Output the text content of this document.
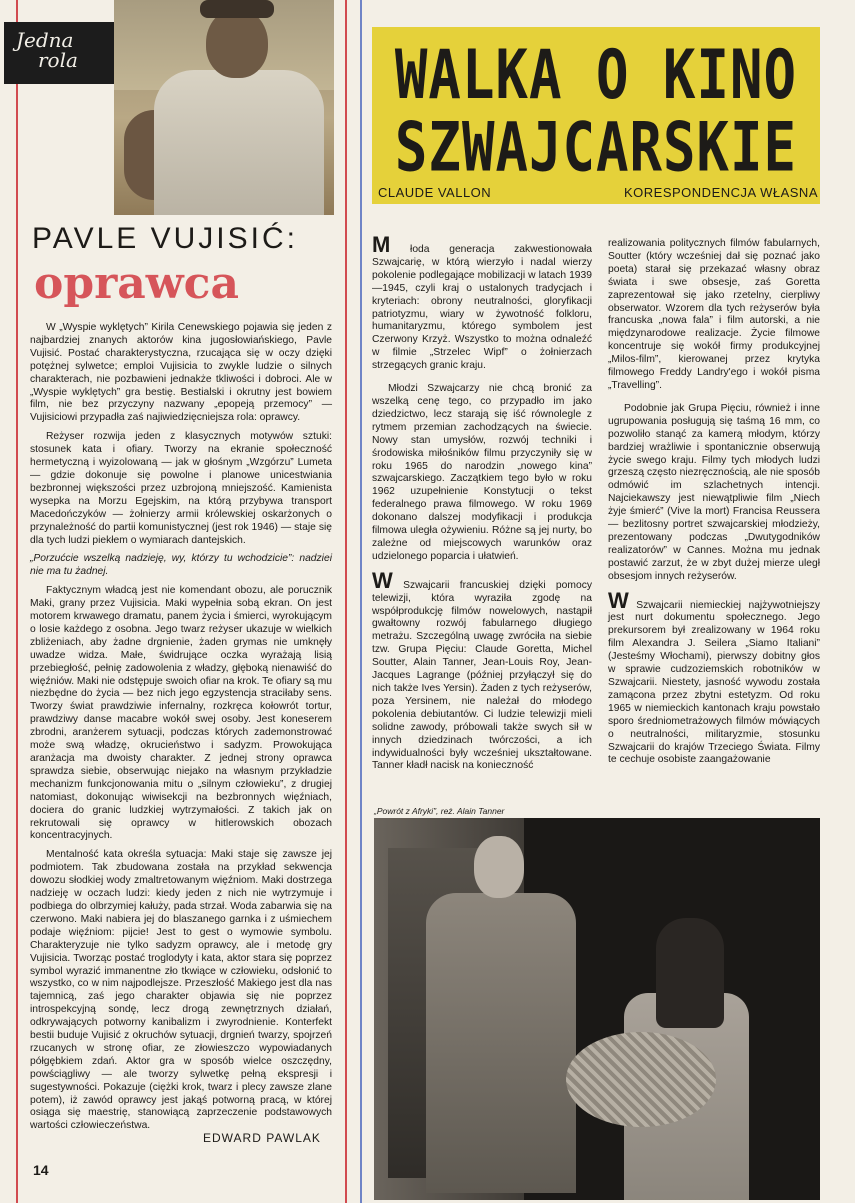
Jedna
rola
PAVLE VUJISIĆ:
oprawca

W „Wyspie wyklętych” Kirila Cenewskiego pojawia się jeden z najbardziej znanych aktorów kina jugosłowiańskiego, Pavle Vujisić. Postać charakterystyczna, rzucająca się w oczy dzięki potężnej sylwetce; emploi Vujisicia to zwykle ludzie o silnych charakterach, nie pozbawieni jednakże tkliwości i dobroci. Ale w „Wyspie wyklętych” gra bestię. Bestialski i okrutny jest bowiem film, nie bez przyczyny nazwany „epopeją przemocy” — Vujisiciowi przypadła zaś najiwiedzięcniejsza rola: oprawcy.

Reżyser rozwija jeden z klasycznych motywów sztuki: stosunek kata i ofiary. Tworzy na ekranie społeczność hermetyczną i wyizolowaną — jak w głośnym „Wzgórzu” Lumeta — gdzie dokonuje się powolne i planowe unicestwiania bezbronnej większości przez uzbrojoną mniejszość. Kamienista wysepka na Morzu Egejskim, na którą przybywa transport Macedończyków — żołnierzy armii królewskiej oskarżonych o przynależność do partii komunistycznej (jest rok 1946) — staje się dla tych ludzi piekłem o wymiarach dantejskich.

„Porzućcie wszelką nadzieję, wy, którzy tu wchodzicie”: nadziei nie ma tu żadnej.

Faktycznym władcą jest nie komendant obozu, ale porucznik Maki, grany przez Vujisicia. Maki wypełnia sobą ekran. On jest motorem krwawego dramatu, panem życia i śmierci, wyrokującym o losie każdego z osobna. Jego twarz reżyser ukazuje w wielkich zbliżeniach, aby żadne drgnienie, żaden grymas nie umknęły uwadze widza. Małe, świdrujące oczka wyrażają lisią przebiegłość, pełnię zadowolenia z władzy, głęboką nienawiść do więźniów. Maki nie odstępuje swoich ofiar na krok. Te ofiary są mu niezbędne do życia — bez nich jego egzystencja straciłaby sens. Tworzy świat prawdziwie infernalny, rozkręca kołowrót tortur, prawdziwy danse macabre wokół swej osoby. Jest koneserem zbrodni, aranżerem sytuacji, podczas których zademonstrować może swą władzę, okrucieństwo i sadyzm. Prowokująca aranżacja ma dwoisty charakter. Z jednej strony oprawca sprawdza siebie, obserwując niejako na własnym przykładzie mechanizm funkcjonowania mitu o „silnym człowieku”, z drugiej natomiast, dokonując wiwisekcji na bezbronnych więźniach, dociera do granic ludzkiej wytrzymałości. Z takich jak on rekrutowali się oprawcy w hitlerowskich obozach koncentracyjnych.

Mentalność kata określa sytuacja: Maki staje się zawsze jej podmiotem. Tak zbudowana została na przykład sekwencja dowozu słodkiej wody zmaltretowanym więźniom. Maki dostrzega nadzieję w oczach ludzi: kiedy jeden z nich nie wytrzymuje i podbiega do olbrzymiej kałuży, pada strzał. Woda zabarwia się na czerwono. Maki nabiera jej do blaszanego garnka i z uśmiechem podaje więźniom: pijcie! Jest to gest o wymowie symbolu. Charakteryzuje nie tylko sadyzm oprawcy, ale i metodę gry Vujisicia. Tworząc postać troglodyty i kata, aktor stara się poprzez symbol wyrazić immanentne zło tkwiące w człowieku, odsłonić to wszystko, co w nim najpodlejsze. Przeszłość Makiego jest dla nas tajemnicą, zaś jego charakter objawia się nie poprzez introspekcyjną sondę, lecz drogą zewnętrznych działań, odkrywających potworny kanibalizm i zwyrodnienie. Konterfekt bestii buduje Vujisić z okruchów sytuacji, drgnień twarzy, spojrzeń rzucanych w stronę ofiar, ze złowieszczo wypowiadanych półgębkiem zdań. Aktor gra w sposób wielce oszczędny, powściągliwy — ale tworzy sylwetkę pełną ekspresji i sugestywności. Pokazuje (ciężki krok, twarz i plecy zawsze zlane potem), iż zawód oprawcy jest jakąś potworną pracą, w której osiąga się maestrię, stanowiącą zaprzeczenie podstawowych wartości człowieczeństwa.

EDWARD PAWLAK
14
WALKA O KINO
SZWAJCARSKIE
CLAUDE VALLON	KORESPONDENCJA WŁASNA

M łoda generacja zakwestionowała Szwajcarię, w którą wierzyło i nadal wierzy pokolenie podlegające mobilizacji w latach 1939—1945, czyli kraj o ustalonych tradycjach i kryteriach: obrony neutralności, gloryfikacji patriotyzmu, wiary w żywotność folkloru, humanitaryzmu, którego symbolem jest Czerwony Krzyż. Wszystko to można odnaleźć w filmie „Strzelec Wipf” o żołnierzach strzegących granic kraju.

Młodzi Szwajcarzy nie chcą bronić za wszelką cenę tego, co przypadło im jako dziedzictwo, lecz starają się iść równolegle z rytmem przemian zachodzących na świecie. Nowy stan umysłów, rozwój techniki i środowiska miłośników filmu przyczyniły się w roku 1965 do narodzin „nowego kina” szwajcarskiego. Zaczątkiem tego było w roku 1962 uzupełnienie Konstytucji o tekst federalnego prawa filmowego. W roku 1969 dokonano dalszej modyfikacji i produkcja filmowa uległa ożywieniu. Różne są jej nurty, bo zależne od miejscowych warunków oraz udzielonego poparcia i ułatwień.

W Szwajcarii francuskiej dzięki pomocy telewizji, która wyraziła zgodę na współprodukcję filmów nowelowych, nastąpił gwałtowny rozwój fabularnego długiego metrażu. Szczególną uwagę zwróciła na siebie tzw. Grupa Pięciu: Claude Goretta, Michel Soutter, Alain Tanner, Jean-Louis Roy, Jean-Jacques Lagrange (później przyłączył się do nich także Ives Yersin). Żaden z tych reżyserów, poza Yersinem, nie należał do młodego pokolenia debiutantów. Ci ludzie telewizji mieli solidne zawody, próbowali także swych sił w innych dziedzinach twórczości, a ich indywidualności były wcześniej ukształtowane. Tanner kładł nacisk na konieczność

realizowania politycznych filmów fabularnych, Soutter (który wcześniej dał się poznać jako poeta) starał się przekazać własny obraz świata i swe obsesje, zaś Goretta zaprezentował się jako rzetelny, cierpliwy obserwator. Wzorem dla tych reżyserów była francuska „nowa fala” i film autorski, a nie międzynarodowe realizacje. Życie filmowe koncentruje się wokół firmy produkcyjnej „Milos-film”, kierowanej przez krytyka filmowego Freddy Landry'ego i wokół pisma „Travelling”.

Podobnie jak Grupa Pięciu, również i inne ugrupowania posługują się taśmą 16 mm, co pozwoliło stanąć za kamerą młodym, którzy bardziej wrażliwie i spontanicznie obserwują życie swego kraju. Filmy tych młodych ludzi grzeszą często niezręcznością, ale nie sposób odmówić im szlachetnych intencji. Najciekawszy jest niewątpliwie film „Niech żyje śmierć” (Vive la mort) Francisa Reussera — bezlitosny portret szwajcarskiej młodzieży, prezentowany podczas „Dwutygodników realizatorów” w Cannes. Można mu jednak postawić zarzut, że w zbyt dużej mierze uległ obsesjom innych reżyserów.

W Szwajcarii niemieckiej najżywotniejszy jest nurt dokumentu społecznego. Jego prekursorem był zrealizowany w 1964 roku film Alexandra J. Seilera „Siamo Italiani” (Jesteśmy Włochami), pierwszy dobitny głos w sprawie cudzoziemskich robotników w Szwajcarii. Niestety, jasność wywodu została zamącona przez zbytni estetyzm. Od roku 1965 w niemieckich kantonach kraju powstało sporo średniometrażowych filmów mówiących o neutralności, militaryzmie, stosunku Szwajcarii do krajów Trzeciego Świata. Filmy te cechuje osobiste zaangażowanie

„Powrót z Afryki”, reż. Alain Tanner
